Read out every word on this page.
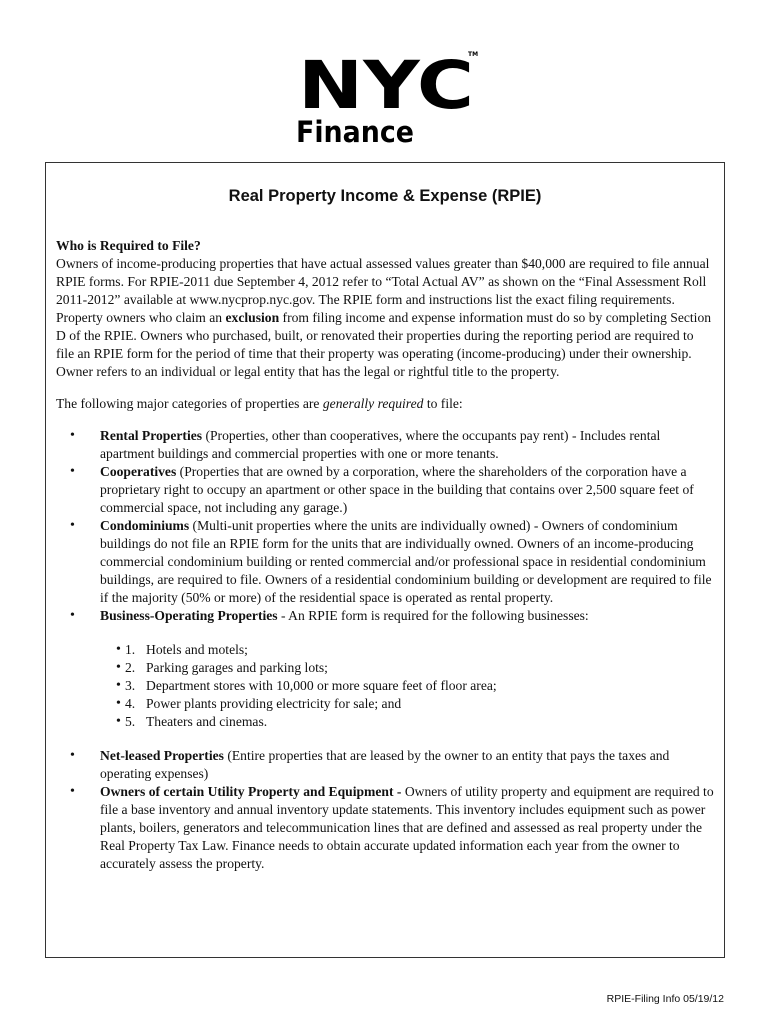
NYC
TM
Finance
Real Property Income & Expense (RPIE)

Who is Required to File?

Owners of income-producing properties that have actual assessed values greater than $40,000 are required to file annual RPIE forms. For RPIE-2011 due September 4, 2012 refer to “Total Actual AV” as shown on the “Final Assessment Roll 2011-2012” available at www.nycprop.nyc.gov. The RPIE form and instructions list the exact filing requirements. Property owners who claim an exclusion from filing income and expense information must do so by completing Section D of the RPIE. Owners who purchased, built, or renovated their properties during the reporting period are required to file an RPIE form for the period of time that their property was operating (income-producing) under their ownership. Owner refers to an individual or legal entity that has the legal or rightful title to the property.

The following major categories of properties are generally required to file:

• Rental Properties (Properties, other than cooperatives, where the occupants pay rent) - Includes rental apartment buildings and commercial properties with one or more tenants.
• Cooperatives (Properties that are owned by a corporation, where the shareholders of the corporation have a proprietary right to occupy an apartment or other space in the building that contains over 2,500 square feet of commercial space, not including any garage.)
• Condominiums (Multi-unit properties where the units are individually owned) - Owners of condominium buildings do not file an RPIE form for the units that are individually owned. Owners of an income-producing commercial condominium building or rented commercial and/or professional space in residential condominium buildings, are required to file. Owners of a residential condominium building or development are required to file if the majority (50% or more) of the residential space is operated as rental property.
• Business-Operating Properties - An RPIE form is required for the following businesses:
• 1. Hotels and motels;
• 2. Parking garages and parking lots;
• 3. Department stores with 10,000 or more square feet of floor area;
• 4. Power plants providing electricity for sale; and
• 5. Theaters and cinemas.
• Net-leased Properties (Entire properties that are leased by the owner to an entity that pays the taxes and operating expenses)
• Owners of certain Utility Property and Equipment - Owners of utility property and equipment are required to file a base inventory and annual inventory update statements. This inventory includes equipment such as power plants, boilers, generators and telecommunication lines that are defined and assessed as real property under the Real Property Tax Law. Finance needs to obtain accurate updated information each year from the owner to accurately assess the property.
RPIE-Filing Info 05/19/12
